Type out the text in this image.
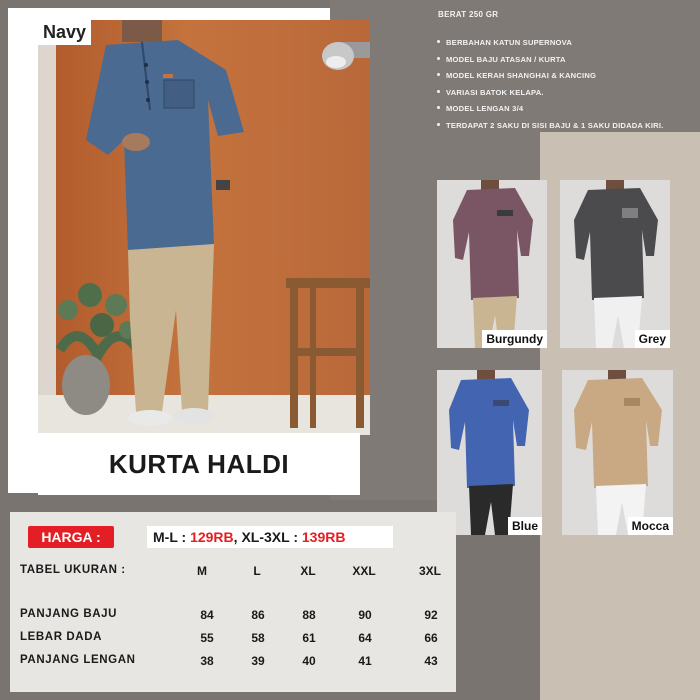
Navy
KURTA HALDI
BERAT 250 GR
BERBAHAN KATUN SUPERNOVA
MODEL BAJU ATASAN / KURTA
MODEL KERAH SHANGHAI & KANCING
VARIASI BATOK KELAPA.
MODEL LENGAN 3/4
TERDAPAT 2 SAKU DI SISI BAJU & 1 SAKU DIDADA KIRI.
Burgundy	Grey
Blue	Mocca
HARGA :	M-L : 129RB , XL-3XL : 139RB
TABEL UKURAN :	M	L	XL	XXL	3XL
PANJANG BAJU	84	86	88	90	92
LEBAR DADA	55	58	61	64	66
PANJANG LENGAN	38	39	40	41	43
